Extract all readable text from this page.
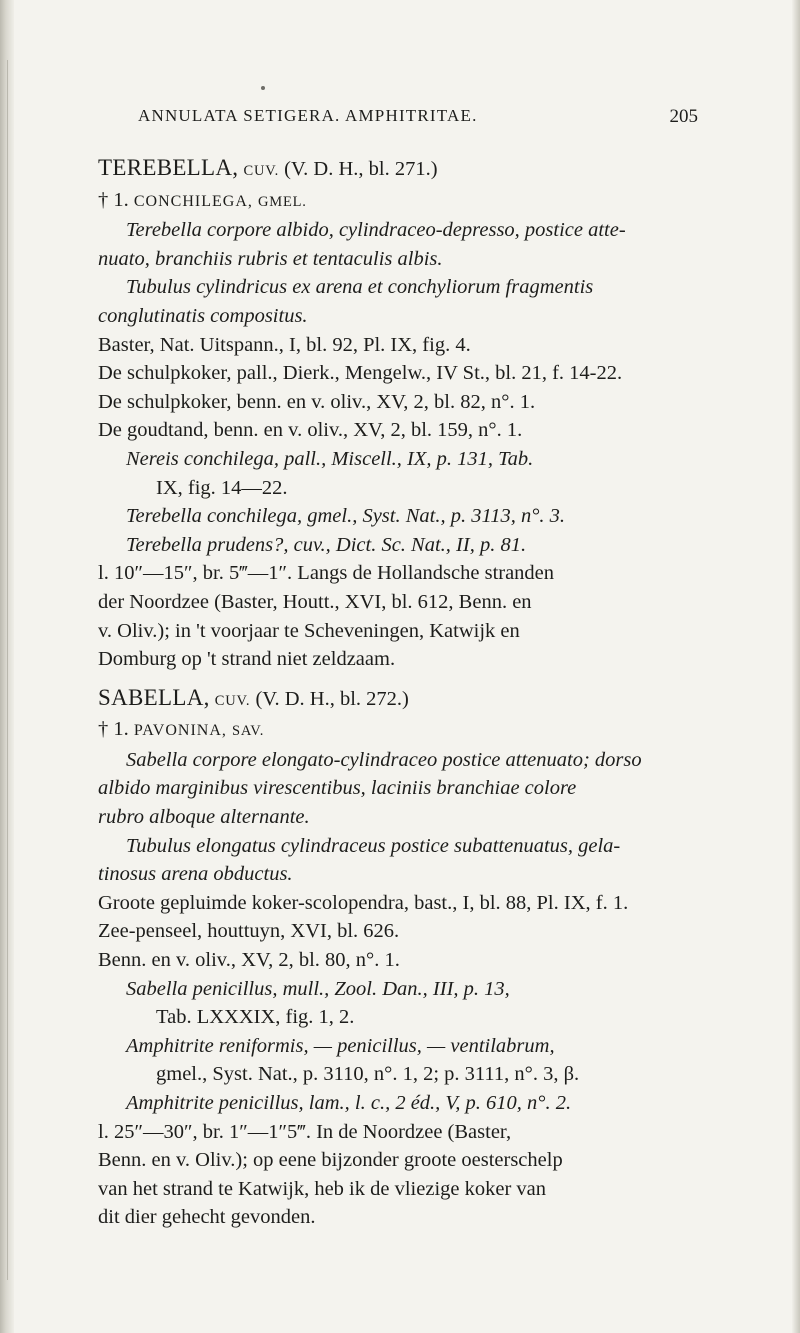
ANNULATA SETIGERA. AMPHITRITAE.	205

TEREBELLA, CUV. (V. D. H., bl. 271.)

† 1. CONCHILEGA, GMEL.

Terebella corpore albido, cylindraceo-depresso, postice atte-

nuato, branchiis rubris et tentaculis albis.

Tubulus cylindricus ex arena et conchyliorum fragmentis

conglutinatis compositus.

Baster, Nat. Uitspann., I, bl. 92, Pl. IX, fig. 4.

De schulpkoker, pall., Dierk., Mengelw., IV St., bl. 21, f. 14-22.

De schulpkoker, benn. en v. oliv., XV, 2, bl. 82, n°. 1.

De goudtand, benn. en v. oliv., XV, 2, bl. 159, n°. 1.

Nereis conchilega, pall., Miscell., IX, p. 131, Tab.

IX, fig. 14—22.

Terebella conchilega, gmel., Syst. Nat., p. 3113, n°. 3.

Terebella prudens?, cuv., Dict. Sc. Nat., II, p. 81.

l. 10″—15″, br. 5‴—1″. Langs de Hollandsche stranden

der Noordzee (Baster, Houtt., XVI, bl. 612, Benn. en

v. Oliv.); in 't voorjaar te Scheveningen, Katwijk en

Domburg op 't strand niet zeldzaam.

SABELLA, CUV. (V. D. H., bl. 272.)

† 1. PAVONINA, SAV.

Sabella corpore elongato-cylindraceo postice attenuato; dorso

albido marginibus virescentibus, laciniis branchiae colore

rubro alboque alternante.

Tubulus elongatus cylindraceus postice subattenuatus, gela-

tinosus arena obductus.

Groote gepluimde koker-scolopendra, bast., I, bl. 88, Pl. IX, f. 1.

Zee-penseel, houttuyn, XVI, bl. 626.

Benn. en v. oliv., XV, 2, bl. 80, n°. 1.

Sabella penicillus, mull., Zool. Dan., III, p. 13,

Tab. LXXXIX, fig. 1, 2.

Amphitrite reniformis, — penicillus, — ventilabrum,

gmel., Syst. Nat., p. 3110, n°. 1, 2; p. 3111, n°. 3, β.

Amphitrite penicillus, lam., l. c., 2 éd., V, p. 610, n°. 2.

l. 25″—30″, br. 1″—1″5‴. In de Noordzee (Baster,

Benn. en v. Oliv.); op eene bijzonder groote oesterschelp

van het strand te Katwijk, heb ik de vliezige koker van

dit dier gehecht gevonden.
